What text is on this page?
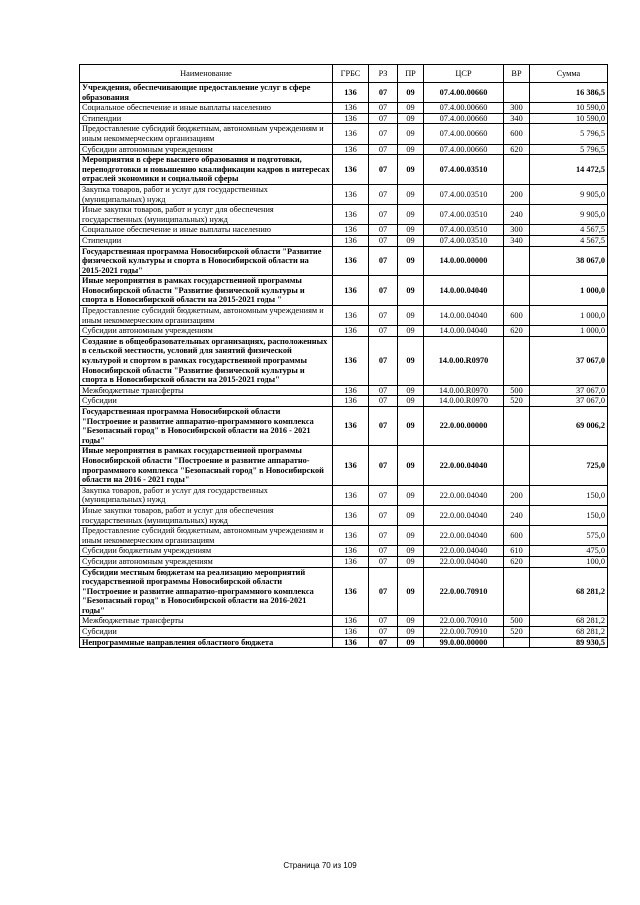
Наименование	ГРБС	РЗ	ПР	ЦСР	ВР	Сумма
Учреждения, обеспечивающие предоставление услуг в сфере образования	136	07	09	07.4.00.00660		16 386,5
Социальное обеспечение и иные выплаты населению	136	07	09	07.4.00.00660	300	10 590,0
Стипендии	136	07	09	07.4.00.00660	340	10 590,0
Предоставление субсидий бюджетным, автономным учреждениям и иным некоммерческим организациям	136	07	09	07.4.00.00660	600	5 796,5
Субсидии автономным учреждениям	136	07	09	07.4.00.00660	620	5 796,5
Мероприятия в сфере высшего образования и подготовки, переподготовки и повышению квалификации кадров в интересах отраслей экономики и социальной сферы	136	07	09	07.4.00.03510		14 472,5
Закупка товаров, работ и услуг для государственных (муниципальных) нужд	136	07	09	07.4.00.03510	200	9 905,0
Иные закупки товаров, работ и услуг для обеспечения государственных (муниципальных) нужд	136	07	09	07.4.00.03510	240	9 905,0
Социальное обеспечение и иные выплаты населению	136	07	09	07.4.00.03510	300	4 567,5
Стипендии	136	07	09	07.4.00.03510	340	4 567,5
Государственная программа Новосибирской области "Развитие физической культуры и спорта в Новосибирской области на 2015-2021 годы"	136	07	09	14.0.00.00000		38 067,0
Иные мероприятия в рамках государственной программы Новосибирской области "Развитие физической культуры и спорта в Новосибирской области на 2015-2021 годы "	136	07	09	14.0.00.04040		1 000,0
Предоставление субсидий бюджетным, автономным учреждениям и иным некоммерческим организациям	136	07	09	14.0.00.04040	600	1 000,0
Субсидии автономным учреждениям	136	07	09	14.0.00.04040	620	1 000,0
Создание в общеобразовательных организациях, расположенных в сельской местности, условий для занятий физической культурой и спортом в рамках государственной программы Новосибирской области "Развитие физической культуры и спорта в Новосибирской области на 2015-2021 годы"	136	07	09	14.0.00.R0970		37 067,0
Межбюджетные трансферты	136	07	09	14.0.00.R0970	500	37 067,0
Субсидии	136	07	09	14.0.00.R0970	520	37 067,0
Государственная программа Новосибирской области "Построение и развитие аппаратно-программного комплекса "Безопасный город" в Новосибирской области на 2016 - 2021 годы"	136	07	09	22.0.00.00000		69 006,2
Иные мероприятия в рамках государственной программы Новосибирской области "Построение и развитие аппаратно-программного комплекса "Безопасный город" в Новосибирской области на 2016 - 2021 годы"	136	07	09	22.0.00.04040		725,0
Закупка товаров, работ и услуг для государственных (муниципальных) нужд	136	07	09	22.0.00.04040	200	150,0
Иные закупки товаров, работ и услуг для обеспечения государственных (муниципальных) нужд	136	07	09	22.0.00.04040	240	150,0
Предоставление субсидий бюджетным, автономным учреждениям и иным некоммерческим организациям	136	07	09	22.0.00.04040	600	575,0
Субсидии бюджетным учреждениям	136	07	09	22.0.00.04040	610	475,0
Субсидии автономным учреждениям	136	07	09	22.0.00.04040	620	100,0
Субсидии местным бюджетам на реализацию мероприятий государственной программы Новосибирской области "Построение и развитие аппаратно-программного комплекса "Безопасный город" в Новосибирской области на 2016-2021 годы"	136	07	09	22.0.00.70910		68 281,2
Межбюджетные трансферты	136	07	09	22.0.00.70910	500	68 281,2
Субсидии	136	07	09	22.0.00.70910	520	68 281,2
Непрограммные направления областного бюджета	136	07	09	99.0.00.00000		89 930,5
Страница 70 из 109
